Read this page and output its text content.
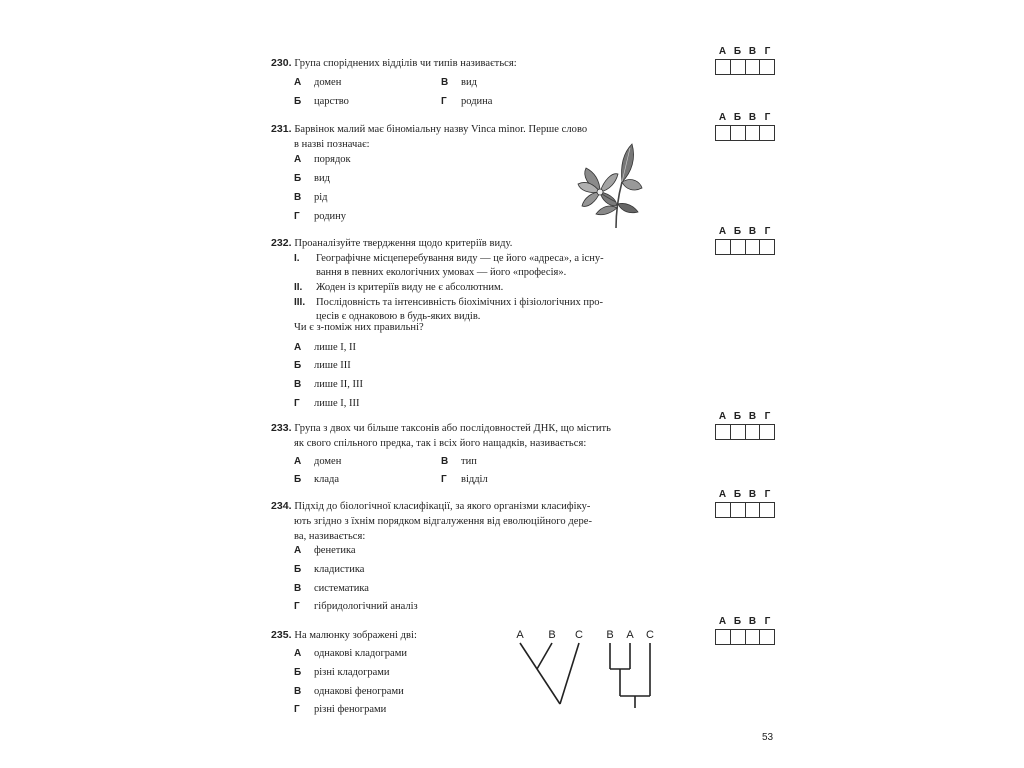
230. Група споріднених відділів чи типів називається:
А домен
Б царство
В вид
Г родина
А Б В Г
231. Барвінок малий має біноміальну назву Vinca minor. Перше слово
в назві позначає:
А порядок
Б вид
В рід
Г родину
А Б В Г
232. Проаналізуйте твердження щодо критеріїв виду.
I. Географічне місцеперебування виду — це його «адреса», а існу-
вання в певних екологічних умовах — його «професія».
II. Жоден із критеріїв виду не є абсолютним.
III. Послідовність та інтенсивність біохімічних і фізіологічних про-
цесів є однаковою в будь-яких видів.
Чи є з-поміж них правильні?
А лише I, II
Б лише III
В лише II, III
Г лише I, III
А Б В Г
233. Група з двох чи більше таксонів або послідовностей ДНК, що містить
як свого спільного предка, так і всіх його нащадків, називається:
А домен
Б клада
В тип
Г відділ
А Б В Г
234. Підхід до біологічної класифікації, за якого організми класифіку-
ють згідно з їхнім порядком відгалуження від еволюційного дере-
ва, називається:
А фенетика
Б кладистика
В систематика
Г гібридологічний аналіз
А Б В Г
235. На малюнку зображені дві:
А однакові кладограми
Б різні кладограми
В однакові фенограми
Г різні фенограми
A B C B A C
А Б В Г
53
